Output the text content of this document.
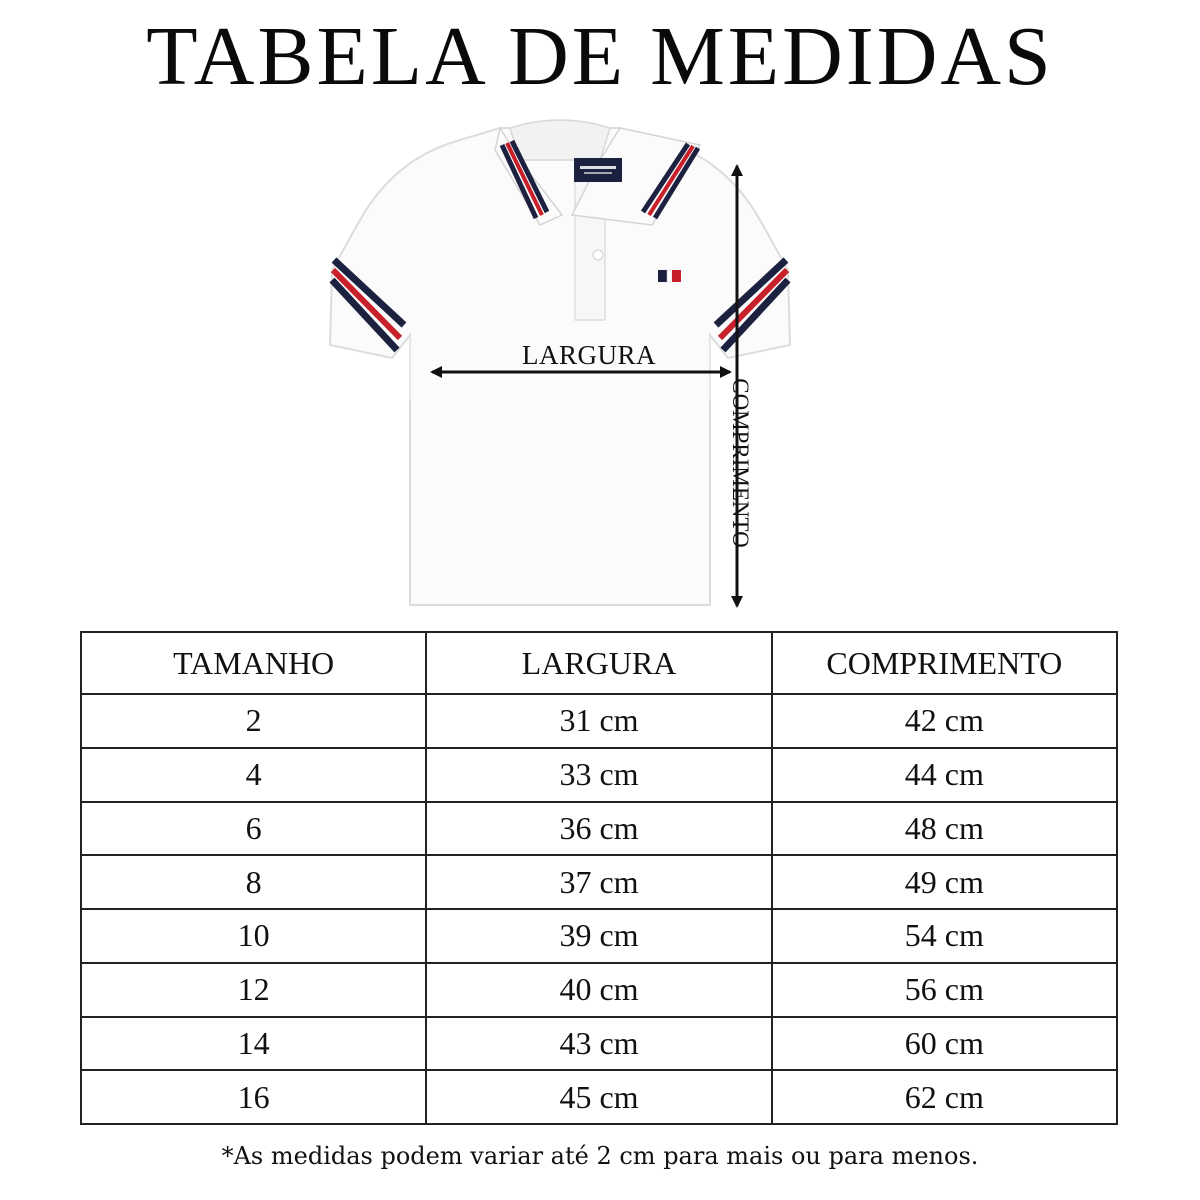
TABELA DE MEDIDAS
LARGURA
COMPRIMENTO
TAMANHO	LARGURA	COMPRIMENTO
2	31 cm	42 cm
4	33 cm	44 cm
6	36 cm	48 cm
8	37 cm	49 cm
10	39 cm	54 cm
12	40 cm	56 cm
14	43 cm	60 cm
16	45 cm	62 cm
*As medidas podem variar até 2 cm para mais ou para menos.
